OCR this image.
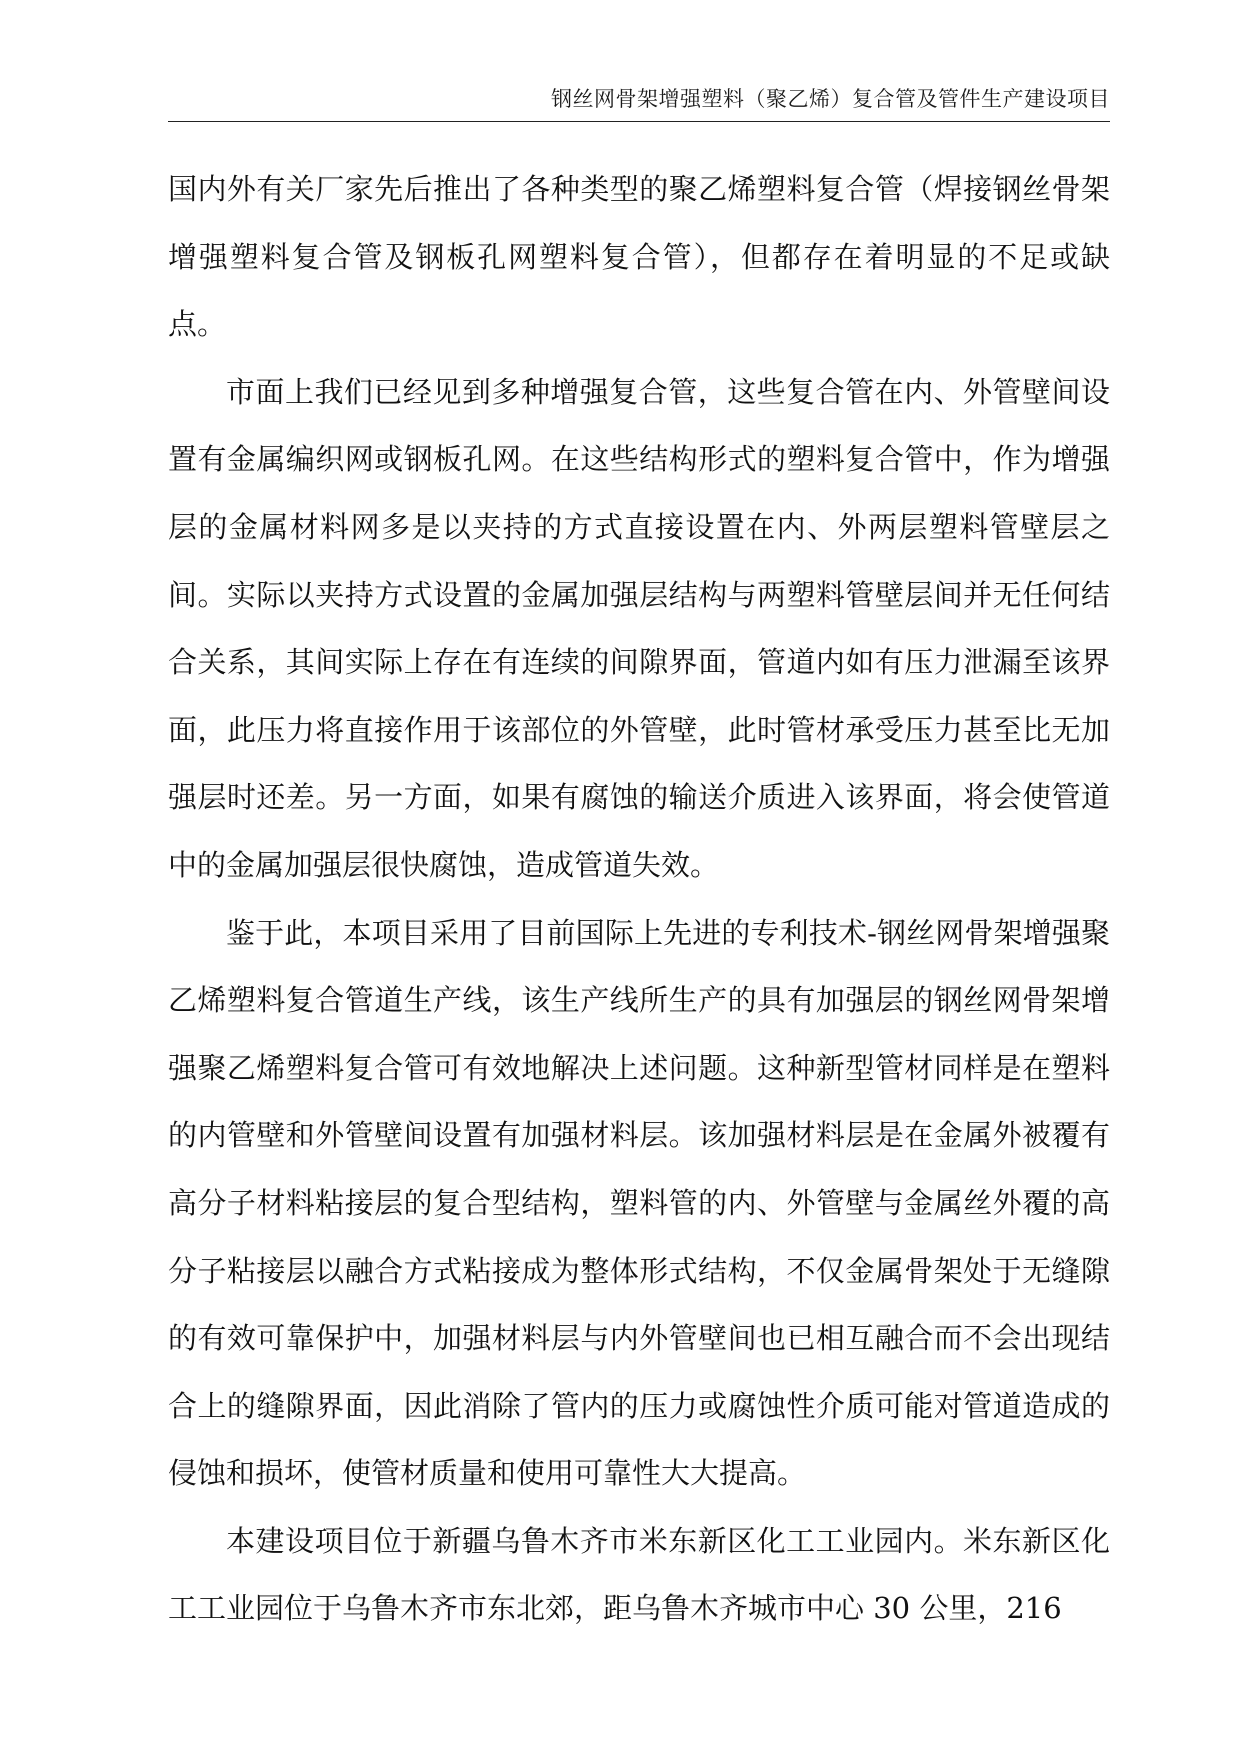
钢丝网骨架增强塑料（聚乙烯）复合管及管件生产建设项目

国内外有关厂家先后推出了各种类型的聚乙烯塑料复合管（焊接钢丝骨架增强塑料复合管及钢板孔网塑料复合管），但都存在着明显的不足或缺点。

市面上我们已经见到多种增强复合管，这些复合管在内、外管壁间设置有金属编织网或钢板孔网。在这些结构形式的塑料复合管中，作为增强层的金属材料网多是以夹持的方式直接设置在内、外两层塑料管壁层之间。实际以夹持方式设置的金属加强层结构与两塑料管壁层间并无任何结合关系，其间实际上存在有连续的间隙界面，管道内如有压力泄漏至该界面，此压力将直接作用于该部位的外管壁，此时管材承受压力甚至比无加强层时还差。另一方面，如果有腐蚀的输送介质进入该界面，将会使管道中的金属加强层很快腐蚀，造成管道失效。

鉴于此，本项目采用了目前国际上先进的专利技术-钢丝网骨架增强聚乙烯塑料复合管道生产线，该生产线所生产的具有加强层的钢丝网骨架增强聚乙烯塑料复合管可有效地解决上述问题。这种新型管材同样是在塑料的内管壁和外管壁间设置有加强材料层。该加强材料层是在金属外被覆有高分子材料粘接层的复合型结构，塑料管的内、外管壁与金属丝外覆的高分子粘接层以融合方式粘接成为整体形式结构，不仅金属骨架处于无缝隙的有效可靠保护中，加强材料层与内外管壁间也已相互融合而不会出现结合上的缝隙界面，因此消除了管内的压力或腐蚀性介质可能对管道造成的侵蚀和损坏，使管材质量和使用可靠性大大提高。

本建设项目位于新疆乌鲁木齐市米东新区化工工业园内。米东新区化工工业园位于乌鲁木齐市东北郊，距乌鲁木齐城市中心 30 公里，216
